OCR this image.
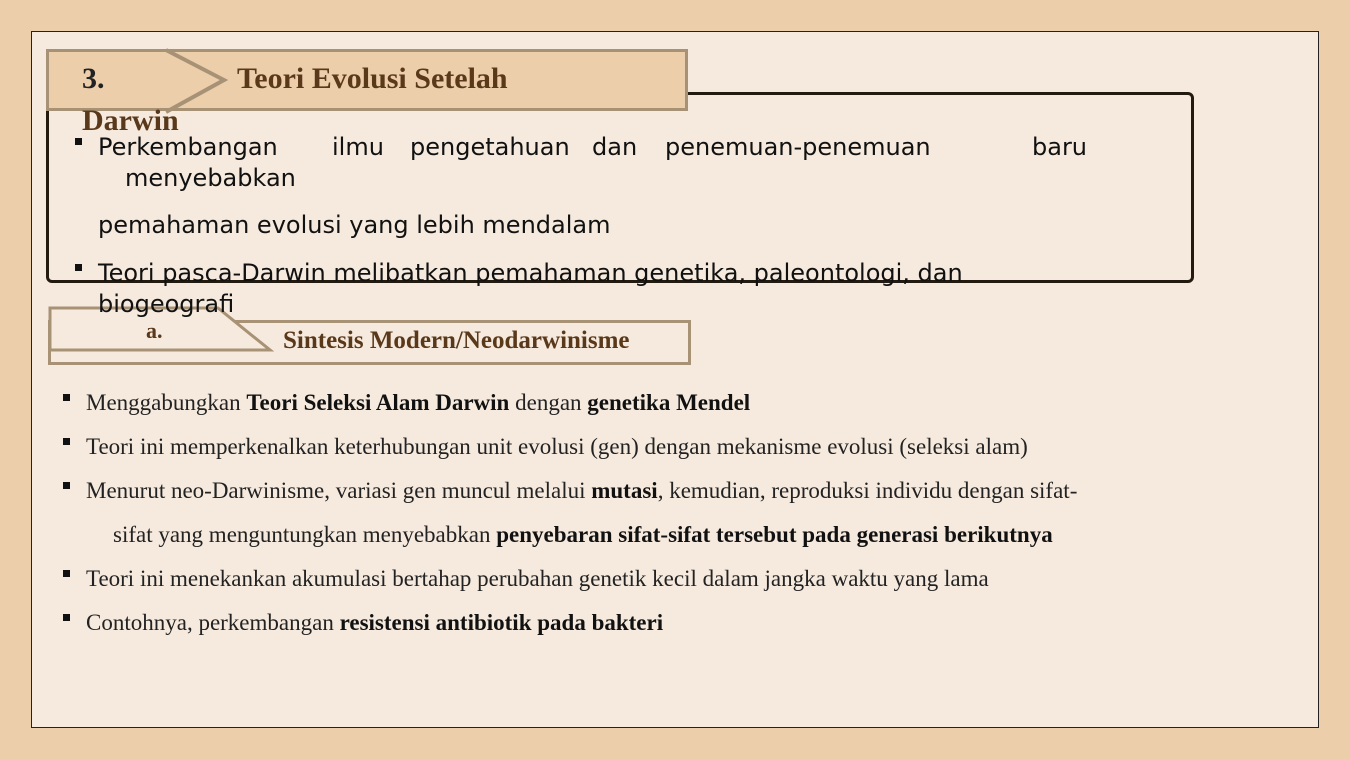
3.	Teori Evolusi Setelah
Darwin
Perkembangan ilmu pengetahuan dan penemuan-penemuan	baru
menyebabkan
pemahaman evolusi yang lebih mendalam
Teori pasca-Darwin melibatkan pemahaman genetika, paleontologi, dan
biogeografi
a.	Sintesis Modern/Neodarwinisme
Menggabungkan Teori Seleksi Alam Darwin dengan genetika Mendel
Teori ini memperkenalkan keterhubungan unit evolusi (gen) dengan mekanisme evolusi (seleksi alam)
Menurut neo-Darwinisme, variasi gen muncul melalui mutasi, kemudian, reproduksi individu dengan sifat-
sifat yang menguntungkan menyebabkan penyebaran sifat-sifat tersebut pada generasi berikutnya
Teori ini menekankan akumulasi bertahap perubahan genetik kecil dalam jangka waktu yang lama
Contohnya, perkembangan resistensi antibiotik pada bakteri
